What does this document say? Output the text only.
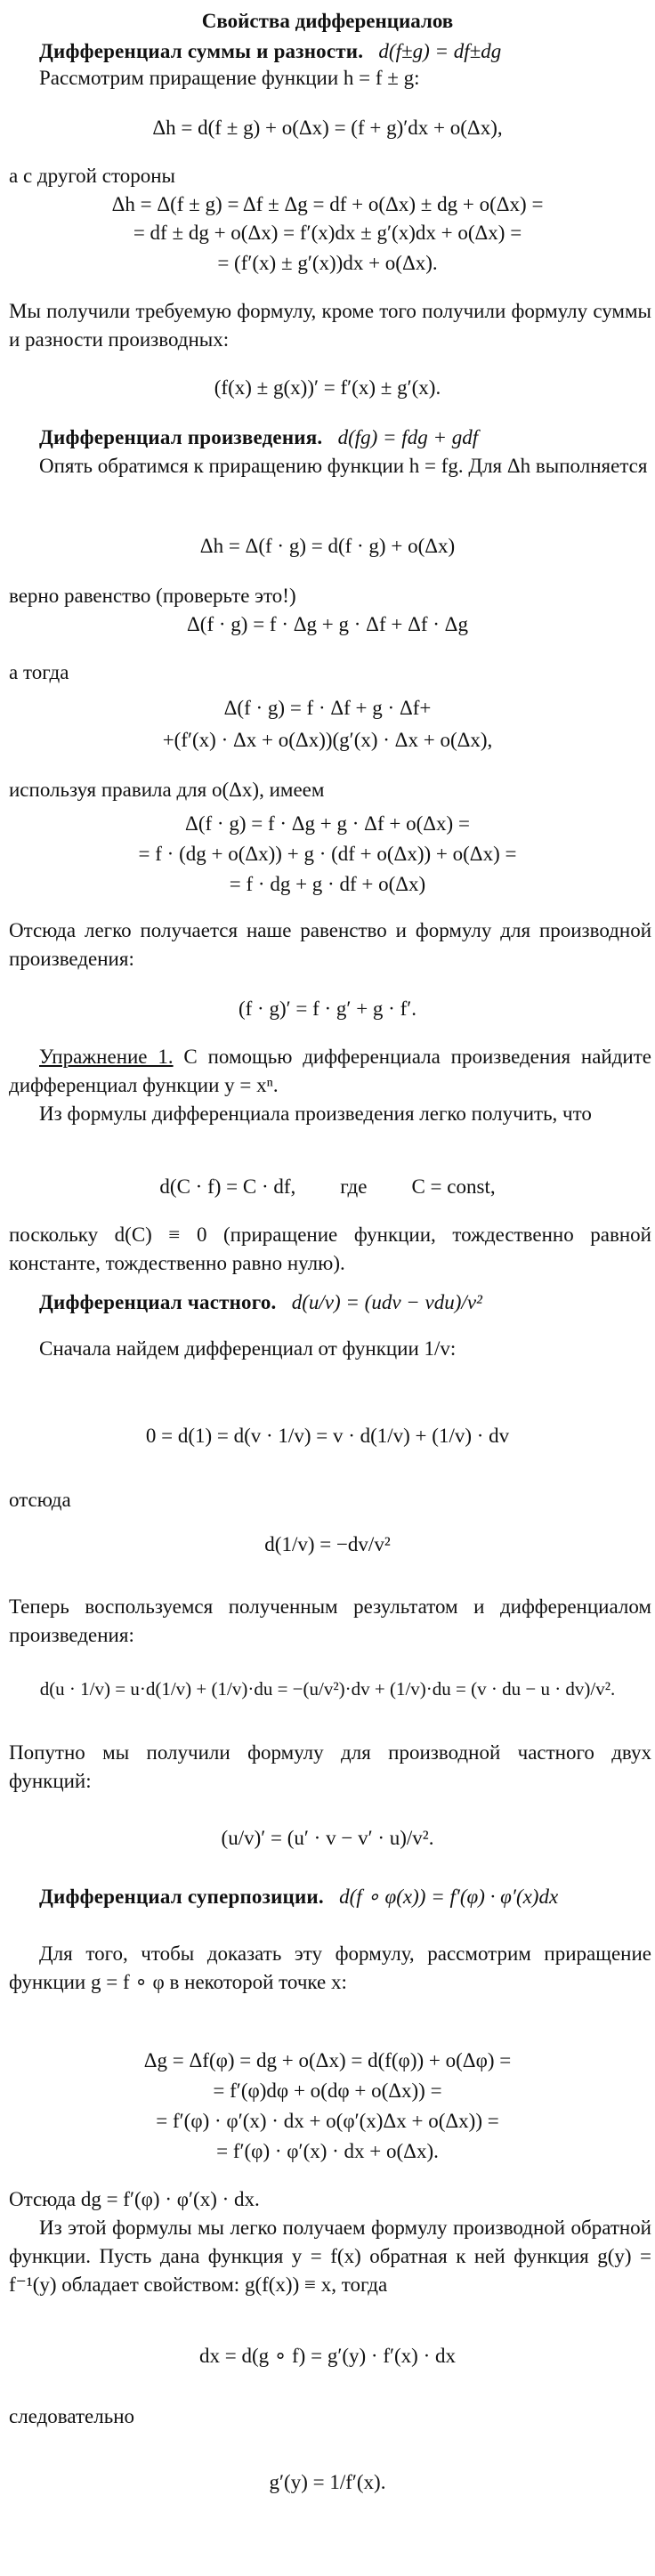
Свойства дифференциалов

Дифференциал суммы и разности. d(f±g) = df±dg

Рассмотрим приращение функции h = f ± g:

Δh = d(f ± g) + o(Δx) = (f + g)′dx + o(Δx),

а с другой стороны

Δh = Δ(f ± g) = Δf ± Δg = df + o(Δx) ± dg + o(Δx) =
= df ± dg + o(Δx) = f′(x)dx ± g′(x)dx + o(Δx) =
= (f′(x) ± g′(x))dx + o(Δx).

Мы получили требуемую формулу, кроме того получили формулу суммы и разности производных:

(f(x) ± g(x))′ = f′(x) ± g′(x).

Дифференциал произведения. d(fg) = fdg + gdf

Опять обратимся к приращению функции h = fg. Для Δh выполняется

Δh = Δ(f · g) = d(f · g) + o(Δx)

верно равенство (проверьте это!)

Δ(f · g) = f · Δg + g · Δf + Δf · Δg

а тогда

Δ(f · g) = f · Δf + g · Δf+
+(f′(x) · Δx + o(Δx))(g′(x) · Δx + o(Δx),

используя правила для o(Δx), имеем

Δ(f · g) = f · Δg + g · Δf + o(Δx) =
= f · (dg + o(Δx)) + g · (df + o(Δx)) + o(Δx) =
= f · dg + g · df + o(Δx)

Отсюда легко получается наше равенство и формулу для производной произведения:

(f · g)′ = f · g′ + g · f′.

Упражнение 1. С помощью дифференциала произведения найдите дифференциал функции y = xⁿ.

Из формулы дифференциала произведения легко получить, что

d(C · f) = C · df, где C = const,

поскольку d(C) ≡ 0 (приращение функции, тождественно равной константе, тождественно равно нулю).

Дифференциал частного. d(u/v) = (udv − vdu)/v²

Сначала найдем дифференциал от функции 1/v:

0 = d(1) = d(v · 1/v) = v · d(1/v) + (1/v) · dv

отсюда

d(1/v) = −dv/v²

Теперь воспользуемся полученным результатом и дифференциалом произведения:

d(u · 1/v) = u·d(1/v) + (1/v)·du = −(u/v²)·dv + (1/v)·du = (v · du − u · dv)/v².

Попутно мы получили формулу для производной частного двух функций:

(u/v)′ = (u′ · v − v′ · u)/v².

Дифференциал суперпозиции. d(f ∘ φ(x)) = f′(φ) · φ′(x)dx

Для того, чтобы доказать эту формулу, рассмотрим приращение функции g = f ∘ φ в некоторой точке x:

Δg = Δf(φ) = dg + o(Δx) = d(f(φ)) + o(Δφ) =
= f′(φ)dφ + o(dφ + o(Δx)) =
= f′(φ) · φ′(x) · dx + o(φ′(x)Δx + o(Δx)) =
= f′(φ) · φ′(x) · dx + o(Δx).

Отсюда dg = f′(φ) · φ′(x) · dx.

Из этой формулы мы легко получаем формулу производной обратной функции. Пусть дана функция y = f(x) обратная к ней функция g(y) = f⁻¹(y) обладает свойством: g(f(x)) ≡ x, тогда

dx = d(g ∘ f) = g′(y) · f′(x) · dx

следовательно

g′(y) = 1/f′(x).
